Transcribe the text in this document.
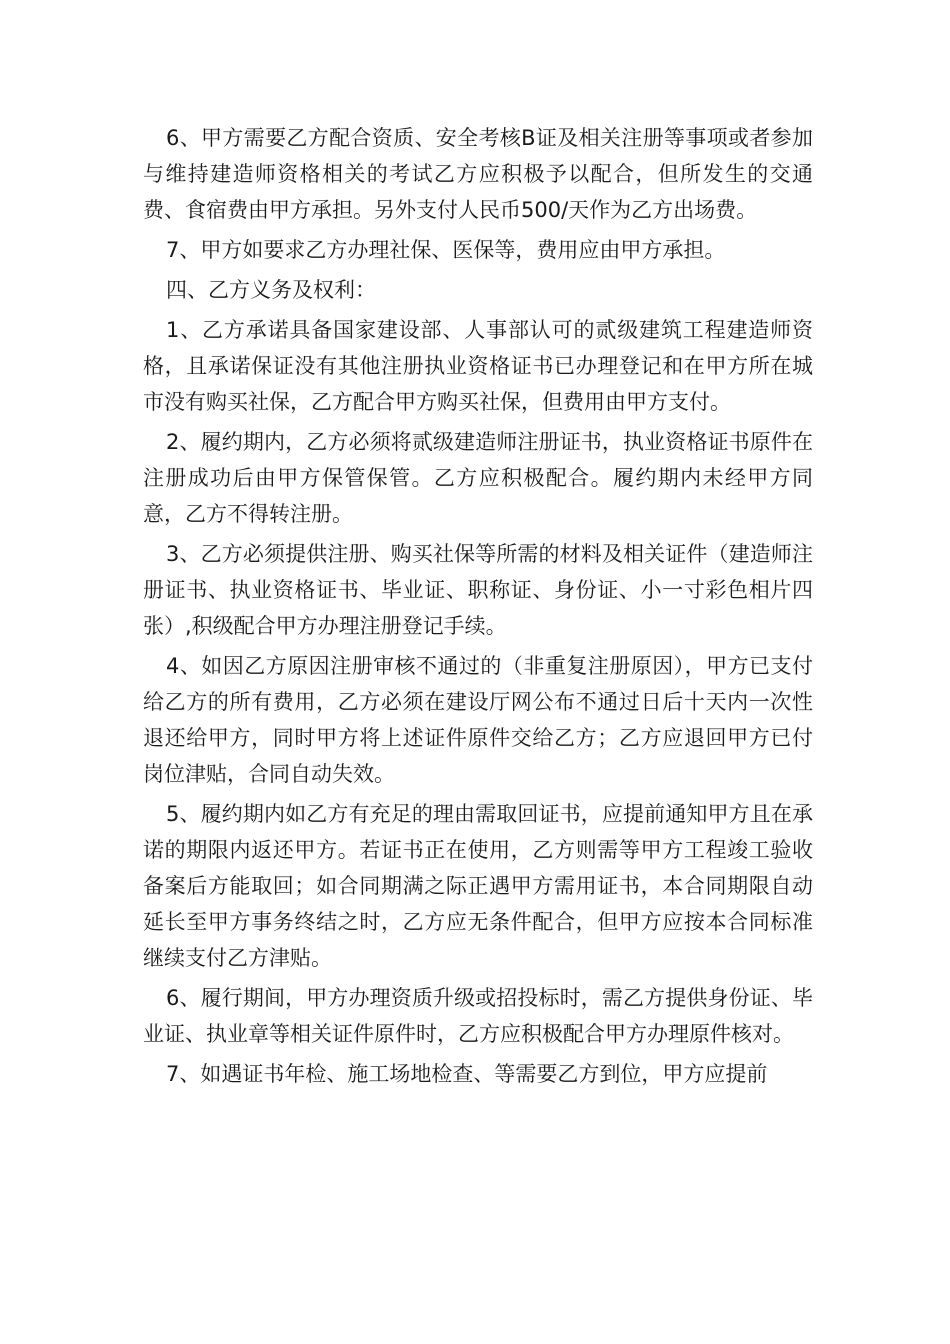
6、甲方需要乙方配合资质、安全考核B证及相关注册等事项或者参加与维持建造师资格相关的考试乙方应积极予以配合，但所发生的交通费、食宿费由甲方承担。另外支付人民币500/天作为乙方出场费。

7、甲方如要求乙方办理社保、医保等，费用应由甲方承担。

四、乙方义务及权利：

1、乙方承诺具备国家建设部、人事部认可的贰级建筑工程建造师资格，且承诺保证没有其他注册执业资格证书已办理登记和在甲方所在城市没有购买社保，乙方配合甲方购买社保，但费用由甲方支付。

2、履约期内，乙方必须将贰级建造师注册证书，执业资格证书原件在注册成功后由甲方保管保管。乙方应积极配合。履约期内未经甲方同意，乙方不得转注册。

3、乙方必须提供注册、购买社保等所需的材料及相关证件（建造师注册证书、执业资格证书、毕业证、职称证、身份证、小一寸彩色相片四张）,积级配合甲方办理注册登记手续。

4、如因乙方原因注册审核不通过的（非重复注册原因），甲方已支付给乙方的所有费用，乙方必须在建设厅网公布不通过日后十天内一次性退还给甲方，同时甲方将上述证件原件交给乙方；乙方应退回甲方已付岗位津贴，合同自动失效。

5、履约期内如乙方有充足的理由需取回证书，应提前通知甲方且在承诺的期限内返还甲方。若证书正在使用，乙方则需等甲方工程竣工验收备案后方能取回；如合同期满之际正遇甲方需用证书，本合同期限自动延长至甲方事务终结之时，乙方应无条件配合，但甲方应按本合同标准继续支付乙方津贴。

6、履行期间，甲方办理资质升级或招投标时，需乙方提供身份证、毕业证、执业章等相关证件原件时，乙方应积极配合甲方办理原件核对。

7、如遇证书年检、施工场地检查、等需要乙方到位，甲方应提前
